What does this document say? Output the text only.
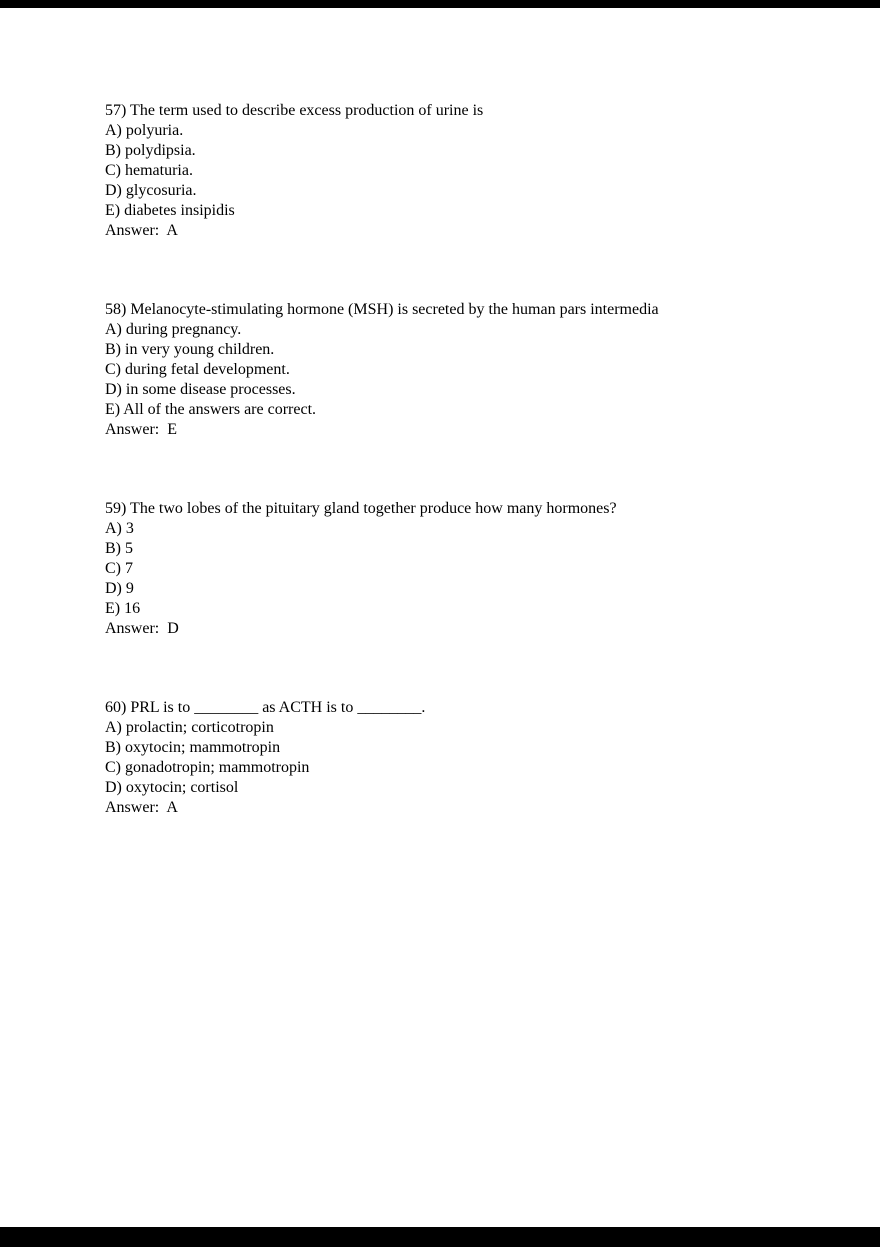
57) The term used to describe excess production of urine is

A) polyuria.

B) polydipsia.

C) hematuria.

D) glycosuria.

E) diabetes insipidis

Answer:  A

58) Melanocyte-stimulating hormone (MSH) is secreted by the human pars intermedia

A) during pregnancy.

B) in very young children.

C) during fetal development.

D) in some disease processes.

E) All of the answers are correct.

Answer:  E

59) The two lobes of the pituitary gland together produce how many hormones?

A) 3

B) 5

C) 7

D) 9

E) 16

Answer:  D

60) PRL is to ________ as ACTH is to ________.

A) prolactin; corticotropin

B) oxytocin; mammotropin

C) gonadotropin; mammotropin

D) oxytocin; cortisol

Answer:  A
